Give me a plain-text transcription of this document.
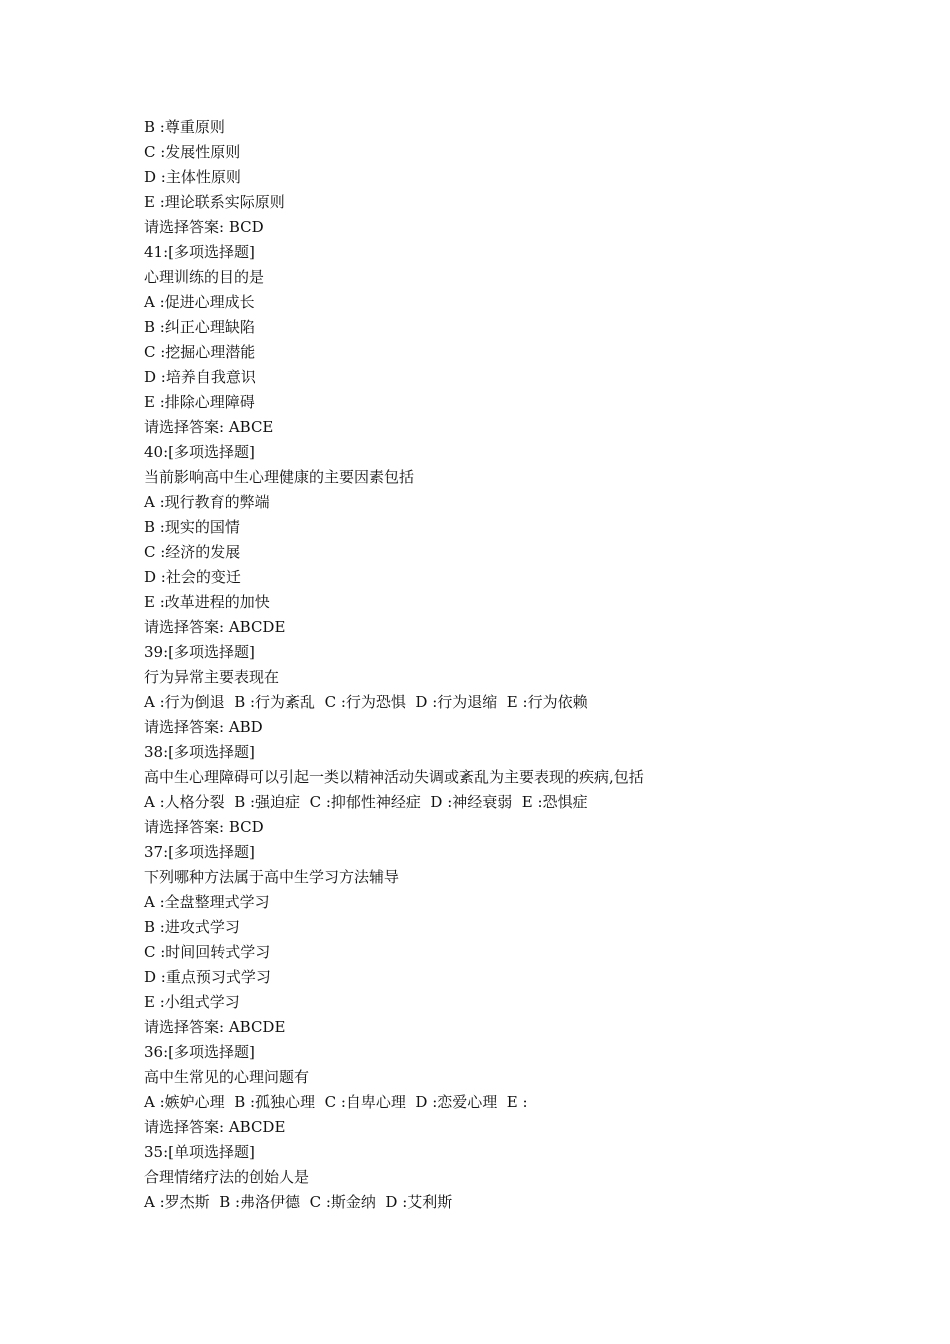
B :尊重原则
C :发展性原则
D :主体性原则
E :理论联系实际原则
请选择答案: BCD
41:[多项选择题]
心理训练的目的是
A :促进心理成长
B :纠正心理缺陷
C :挖掘心理潜能
D :培养自我意识
E :排除心理障碍
请选择答案: ABCE
40:[多项选择题]
当前影响高中生心理健康的主要因素包括
A :现行教育的弊端
B :现实的国情
C :经济的发展
D :社会的变迁
E :改革进程的加快
请选择答案: ABCDE
39:[多项选择题]
行为异常主要表现在
A :行为倒退  B :行为紊乱  C :行为恐惧  D :行为退缩  E :行为依赖
请选择答案: ABD
38:[多项选择题]
高中生心理障碍可以引起一类以精神活动失调或紊乱为主要表现的疾病,包括
A :人格分裂  B :强迫症  C :抑郁性神经症  D :神经衰弱  E :恐惧症
请选择答案: BCD
37:[多项选择题]
下列哪种方法属于高中生学习方法辅导
A :全盘整理式学习
B :进攻式学习
C :时间回转式学习
D :重点预习式学习
E :小组式学习
请选择答案: ABCDE
36:[多项选择题]
高中生常见的心理问题有
A :嫉妒心理  B :孤独心理  C :自卑心理  D :恋爱心理  E :
请选择答案: ABCDE
35:[单项选择题]
合理情绪疗法的创始人是
A :罗杰斯  B :弗洛伊德  C :斯金纳  D :艾利斯
